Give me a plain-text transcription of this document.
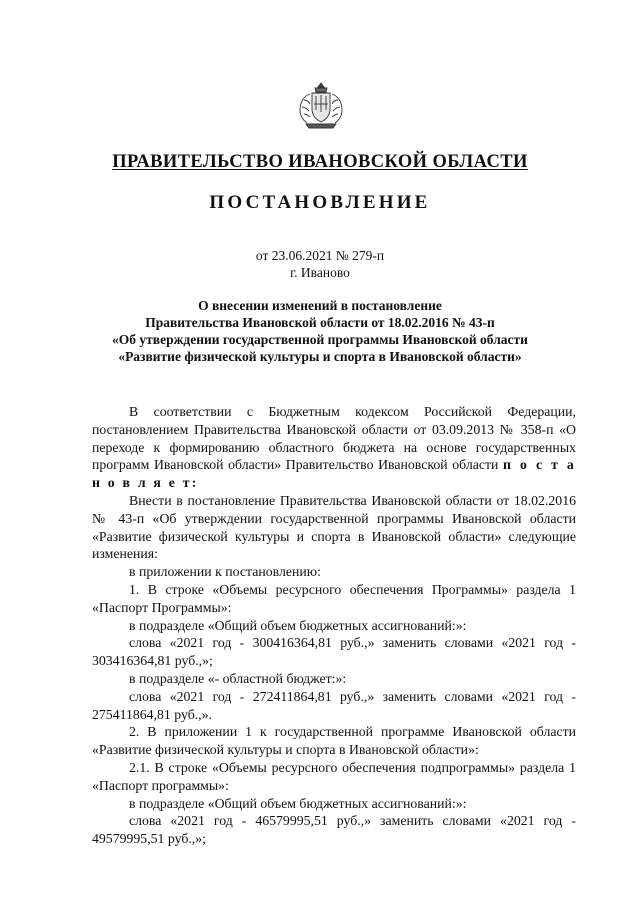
ПРАВИТЕЛЬСТВО ИВАНОВСКОЙ ОБЛАСТИ
ПОСТАНОВЛЕНИЕ
от 23.06.2021 № 279-п
г. Иваново
О внесении изменений в постановление
Правительства Ивановской области от 18.02.2016 № 43-п
«Об утверждении государственной программы Ивановской области
«Развитие физической культуры и спорта в Ивановской области»

В соответствии с Бюджетным кодексом Российской Федерации, постановлением Правительства Ивановской области от 03.09.2013 № 358-п «О переходе к формированию областного бюджета на основе государственных программ Ивановской области» Правительство Ивановской области п о с т а н о в л я е т:

Внести в постановление Правительства Ивановской области от 18.02.2016 № 43-п «Об утверждении государственной программы Ивановской области «Развитие физической культуры и спорта в Ивановской области» следующие изменения:

в приложении к постановлению:

1. В строке «Объемы ресурсного обеспечения Программы» раздела 1 «Паспорт Программы»:

в подразделе «Общий объем бюджетных ассигнований:»:

слова «2021 год - 300416364,81 руб.,» заменить словами «2021 год - 303416364,81 руб.,»;

в подразделе «- областной бюджет:»:

слова «2021 год - 272411864,81 руб.,» заменить словами «2021 год - 275411864,81 руб.,».

2. В приложении 1 к государственной программе Ивановской области «Развитие физической культуры и спорта в Ивановской области»:

2.1. В строке «Объемы ресурсного обеспечения подпрограммы» раздела 1 «Паспорт программы»:

в подразделе «Общий объем бюджетных ассигнований:»:

слова «2021 год - 46579995,51 руб.,» заменить словами «2021 год - 49579995,51 руб.,»;
